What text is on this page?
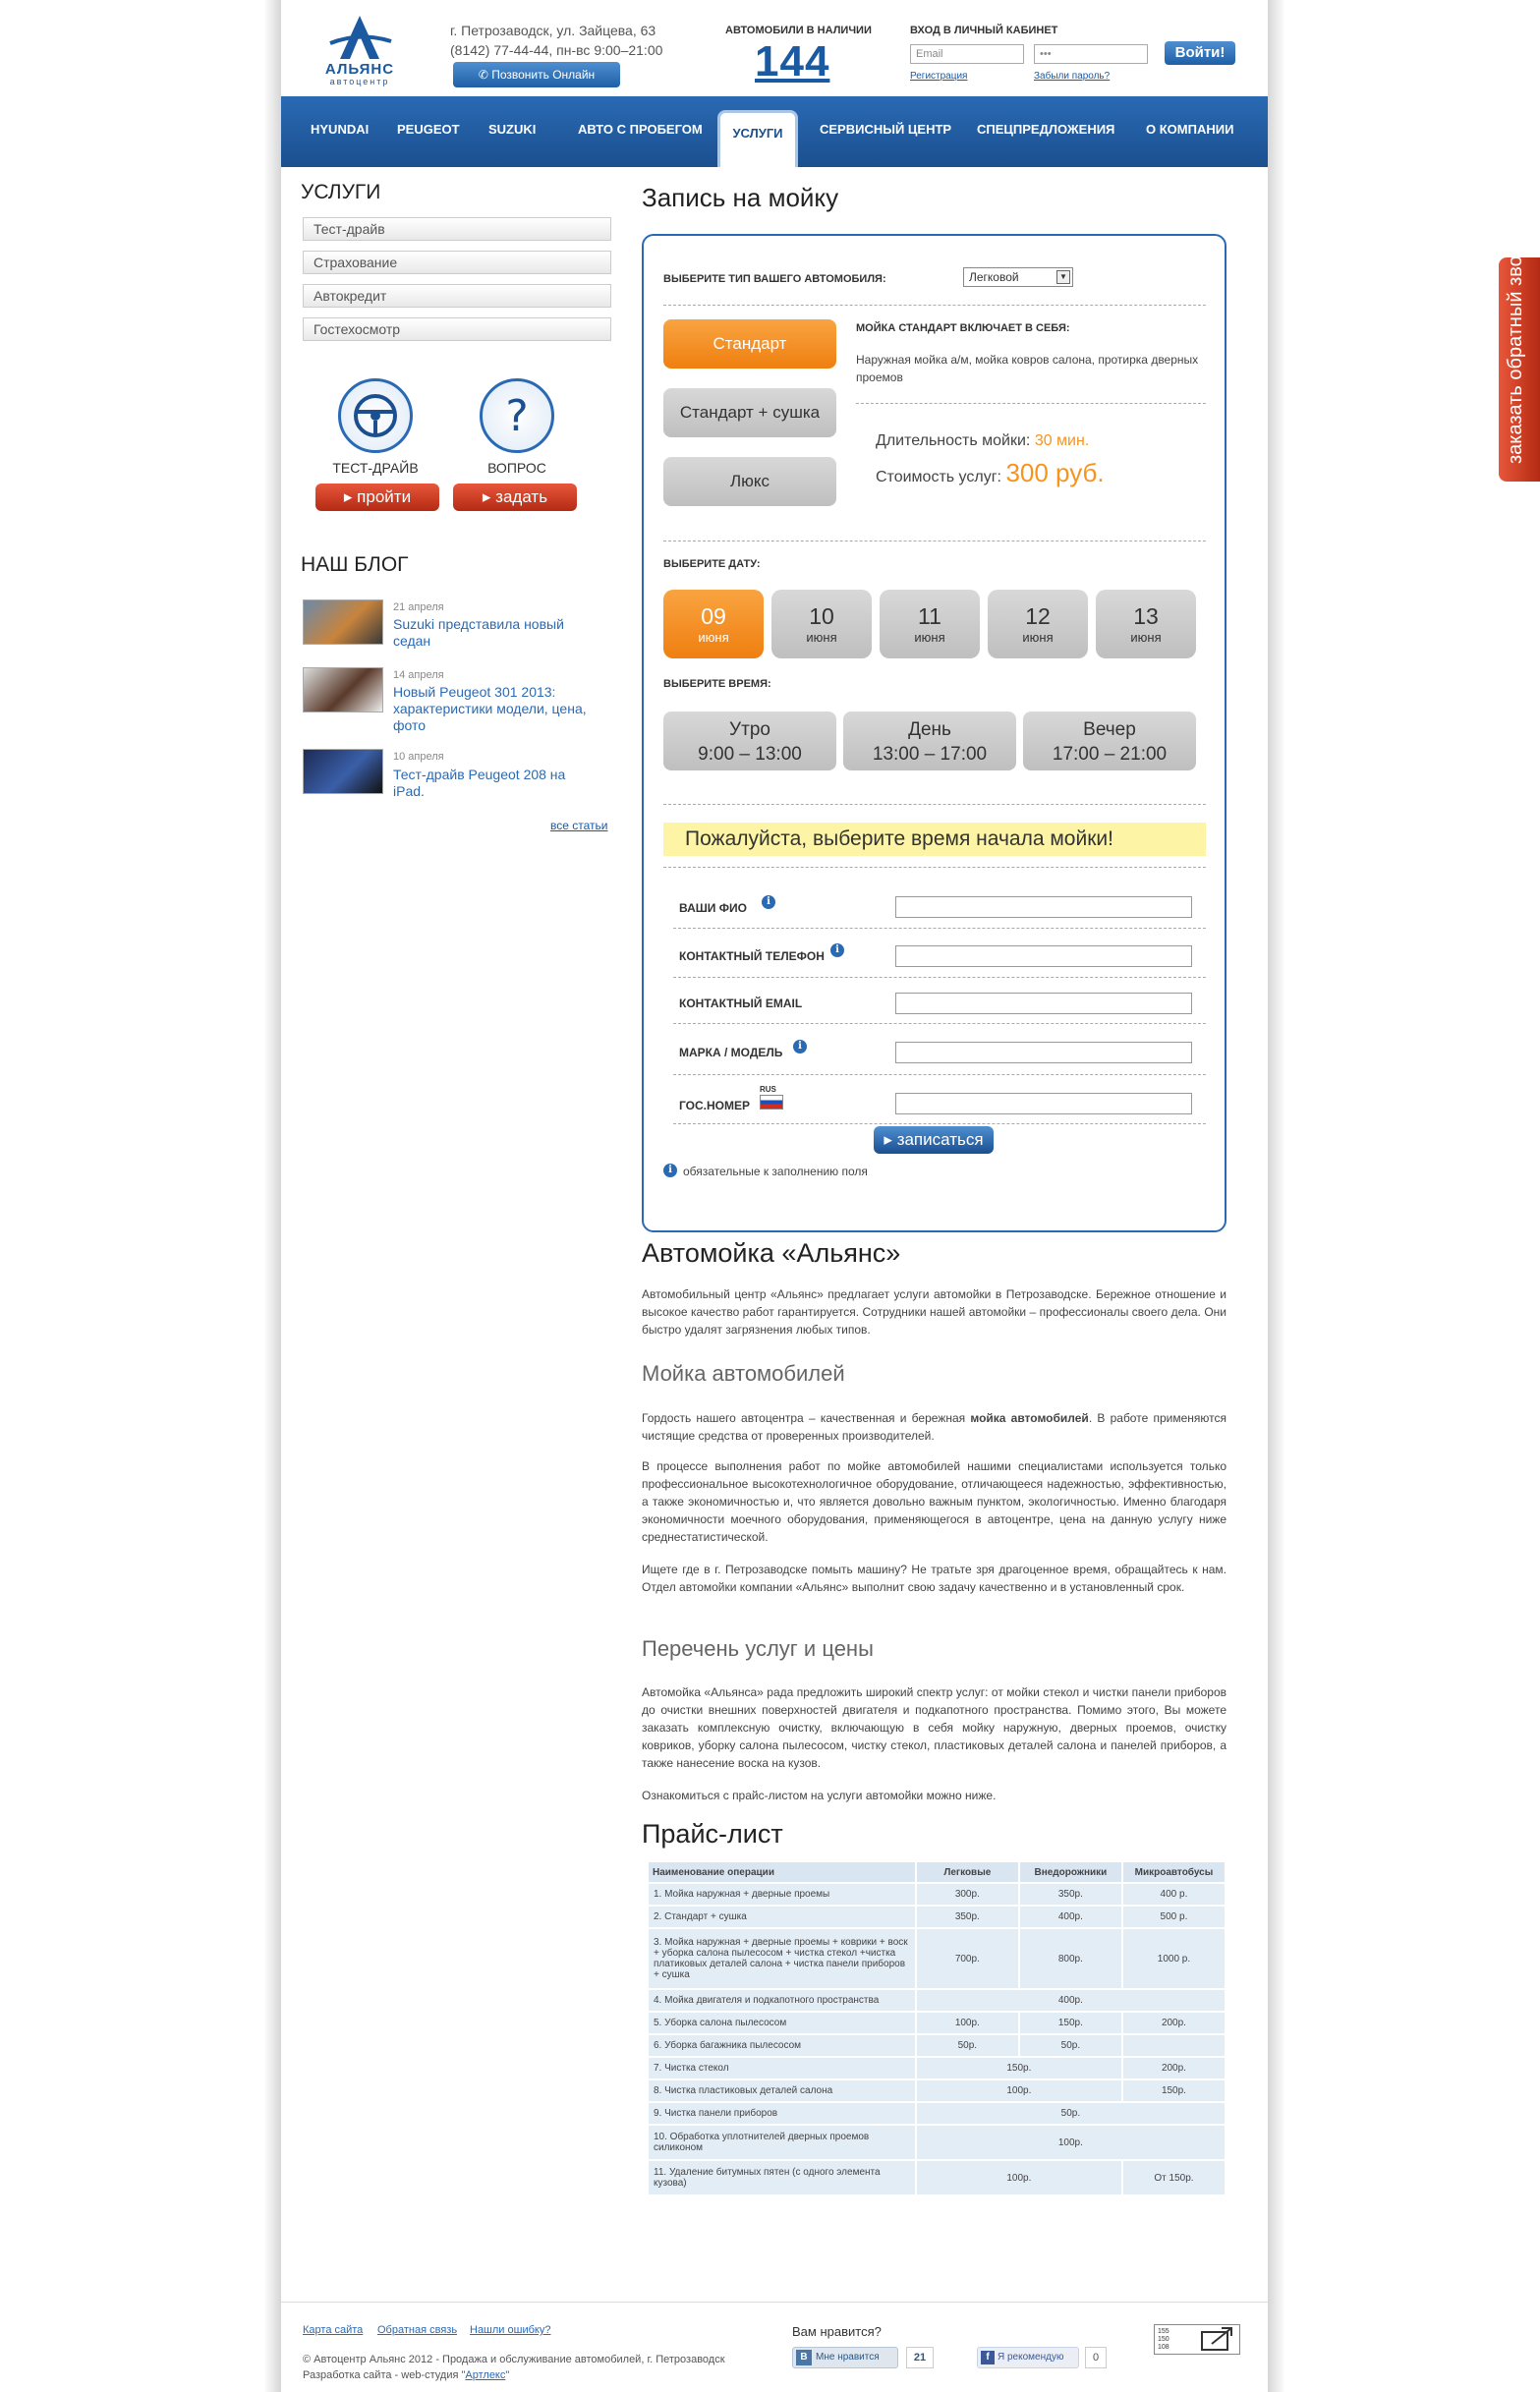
АЛЬЯНС
автоцентр
г. Петрозаводск, ул. Зайцева, 63
(8142) 77-44-44, пн-вс 9:00–21:00
✆ Позвонить Онлайн
АВТОМОБИЛИ В НАЛИЧИИ
144
ВХОД В ЛИЧНЫЙ КАБИНЕТ
Email	•••	Войти!
Регистрация	Забыли пароль?
HYUNDAI PEUGEOT SUZUKI	АВТО С ПРОБЕГОМ	УСЛУГИ	СЕРВИСНЫЙ ЦЕНТР СПЕЦПРЕДЛОЖЕНИЯ О КОМПАНИИ
УСЛУГИ
Тест-драйв
Страхование
Автокредит
Гостехосмотр
ТЕСТ-ДРАЙВ
▸ пройти
?
ВОПРОС
▸ задать
НАШ БЛОГ
21 апреля
Suzuki представила новый седан
14 апреля
Новый Peugeot 301 2013: характеристики модели, цена, фото
10 апреля
Тест-драйв Peugeot 208 на iPad.
все статьи
Запись на мойку
ВЫБЕРИТЕ ТИП ВАШЕГО АВТОМОБИЛЯ:	Легковой	▼
Стандарт
Стандарт + сушка
Люкс
МОЙКА СТАНДАРТ ВКЛЮЧАЕТ В СЕБЯ:
Наружная мойка а/м, мойка ковров салона, протирка дверных проемов
Длительность мойки: 30 мин.
Стоимость услуг: 300 руб.
ВЫБЕРИТЕ ДАТУ:
09
июня
10
июня
11
июня
12
июня
13
июня
ВЫБЕРИТЕ ВРЕМЯ:
Утро
9:00 – 13:00
День
13:00 – 17:00
Вечер
17:00 – 21:00
Пожалуйста, выберите время начала мойки!
ВАШИ ФИО	i
КОНТАКТНЫЙ ТЕЛЕФОН	i
КОНТАКТНЫЙ EMAIL
МАРКА / МОДЕЛЬ	i
ГОС.НОМЕР
RUS
▸ записаться
i обязательные к заполнению поля
Автомойка «Альянс»
Автомобильный центр «Альянс» предлагает услуги автомойки в Петрозаводске. Бережное отношение и высокое качество работ гарантируется. Сотрудники нашей автомойки – профессионалы своего дела. Они быстро удалят загрязнения любых типов.
Мойка автомобилей
Гордость нашего автоцентра – качественная и бережная мойка автомобилей. В работе применяются чистящие средства от проверенных производителей.
В процессе выполнения работ по мойке автомобилей нашими специалистами используется только профессиональное высокотехнологичное оборудование, отличающееся надежностью, эффективностью, а также экономичностью и, что является довольно важным пунктом, экологичностью. Именно благодаря экономичности моечного оборудования, применяющегося в автоцентре, цена на данную услугу ниже среднестатистической.
Ищете где в г. Петрозаводске помыть машину? Не тратьте зря драгоценное время, обращайтесь к нам. Отдел автомойки компании «Альянс» выполнит свою задачу качественно и в установленный срок.
Перечень услуг и цены
Автомойка «Альянса» рада предложить широкий спектр услуг: от мойки стекол и чистки панели приборов до очистки внешних поверхностей двигателя и подкапотного пространства. Помимо этого, Вы можете заказать комплексную очистку, включающую в себя мойку наружную, дверных проемов, очистку ковриков, уборку салона пылесосом, чистку стекол, пластиковых деталей салона и панелей приборов, а также нанесение воска на кузов.
Ознакомиться с прайс-листом на услуги автомойки можно ниже.
Прайс-лист
Наименование операции	Легковые	Внедорожники	Микроавтобусы
1. Мойка наружная + дверные проемы	300р.	350р.	400 р.
2. Стандарт + сушка	350р.	400р.	500 р.
3. Мойка наружная + дверные проемы + коврики + воск + уборка салона пылесосом + чистка стекол +чистка платиковых деталей салона + чистка панели приборов + сушка	700р.	800р.	1000 р.
4. Мойка двигателя и подкапотного пространства	400р.		
5. Уборка салона пылесосом	100р.	150р.	200р.
6. Уборка багажника пылесосом	50р.	50р.	
7. Чистка стекол	150р.		200р.
8. Чистка пластиковых деталей салона	100р.		150р.
9. Чистка панели приборов	50р.		
10. Обработка уплотнителей дверных проемов силиконом	100р.		
11. Удаление битумных пятен (с одного элемента кузова)	100р.		От 150р.
Карта сайта Обратная связь Нашли ошибку?
© Автоцентр Альянс 2012 - Продажа и обслуживание автомобилей, г. Петрозаводск
Разработка сайта - web-студия "Артлекс"
Вам нравится?
В Мне нравится	21	f Я рекомендую	0
155 150 108
заказать обратный звонок
